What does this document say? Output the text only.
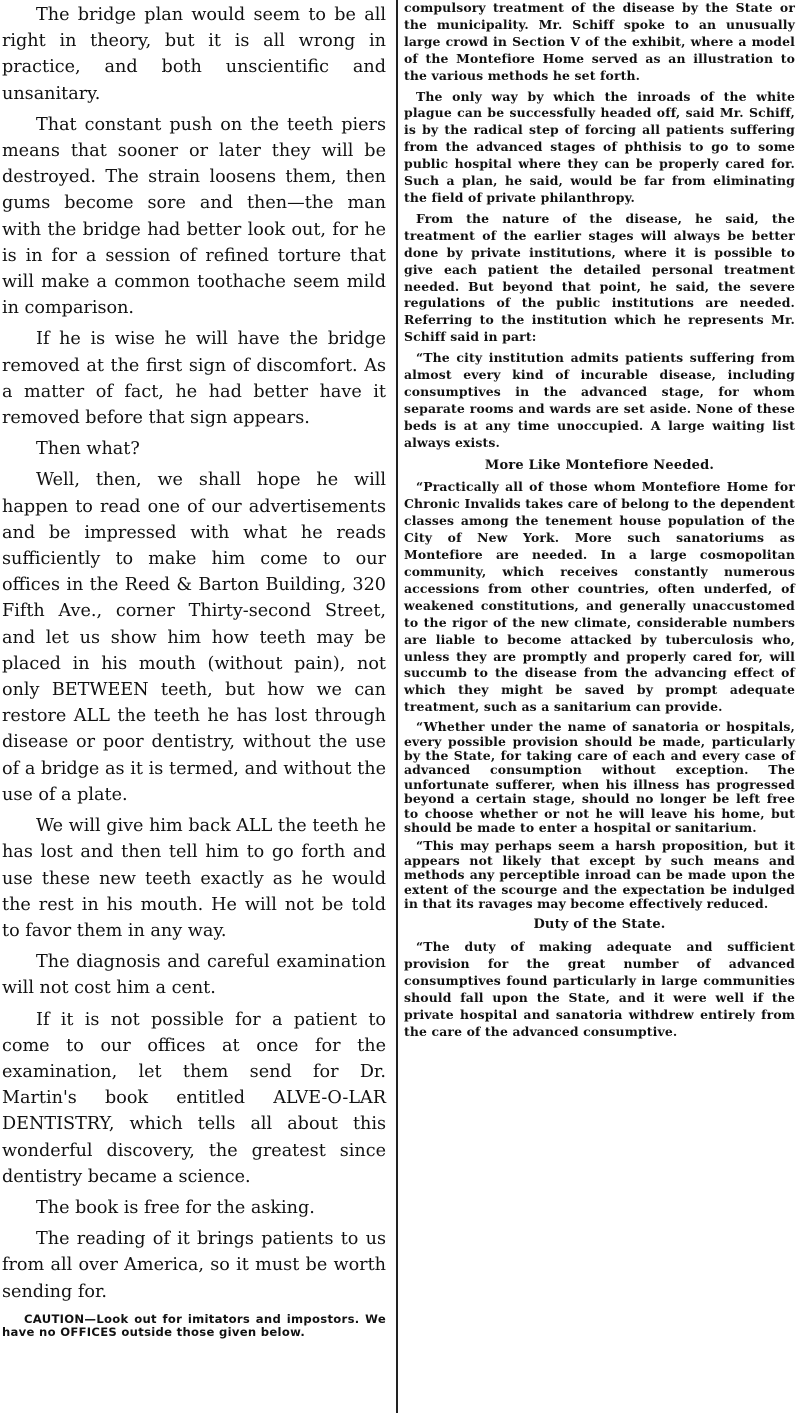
The bridge plan would seem to be all right in theory, but it is all wrong in practice, and both unscientific and unsanitary.

That constant push on the teeth piers means that sooner or later they will be destroyed. The strain loosens them, then gums become sore and then—the man with the bridge had better look out, for he is in for a session of refined torture that will make a common toothache seem mild in comparison.

If he is wise he will have the bridge removed at the first sign of discomfort. As a matter of fact, he had better have it removed before that sign appears.

Then what?

Well, then, we shall hope he will happen to read one of our advertisements and be impressed with what he reads sufficiently to make him come to our offices in the Reed & Barton Building, 320 Fifth Ave., corner Thirty-second Street, and let us show him how teeth may be placed in his mouth (without pain), not only BETWEEN teeth, but how we can restore ALL the teeth he has lost through disease or poor dentistry, without the use of a bridge as it is termed, and without the use of a plate.

We will give him back ALL the teeth he has lost and then tell him to go forth and use these new teeth exactly as he would the rest in his mouth. He will not be told to favor them in any way.

The diagnosis and careful examination will not cost him a cent.

If it is not possible for a patient to come to our offices at once for the examination, let them send for Dr. Martin's book entitled ALVE-O-LAR DENTISTRY, which tells all about this wonderful discovery, the greatest since dentistry became a science.

The book is free for the asking.

The reading of it brings patients to us from all over America, so it must be worth sending for.

CAUTION—Look out for imitators and impostors. We have no OFFICES outside those given below.

compulsory treatment of the disease by the State or the municipality. Mr. Schiff spoke to an unusually large crowd in Section V of the exhibit, where a model of the Montefiore Home served as an illustration to the various methods he set forth.

The only way by which the inroads of the white plague can be successfully headed off, said Mr. Schiff, is by the radical step of forcing all patients suffering from the advanced stages of phthisis to go to some public hospital where they can be properly cared for. Such a plan, he said, would be far from eliminating the field of private philanthropy.

From the nature of the disease, he said, the treatment of the earlier stages will always be better done by private institutions, where it is possible to give each patient the detailed personal treatment needed. But beyond that point, he said, the severe regulations of the public institutions are needed. Referring to the institution which he represents Mr. Schiff said in part:

“The city institution admits patients suffering from almost every kind of incurable disease, including consumptives in the advanced stage, for whom separate rooms and wards are set aside. None of these beds is at any time unoccupied. A large waiting list always exists.

More Like Montefiore Needed.

“Practically all of those whom Montefiore Home for Chronic Invalids takes care of belong to the dependent classes among the tenement house population of the City of New York. More such sanatoriums as Montefiore are needed. In a large cosmopolitan community, which receives constantly numerous accessions from other countries, often underfed, of weakened constitutions, and generally unaccustomed to the rigor of the new climate, considerable numbers are liable to become attacked by tuberculosis who, unless they are promptly and properly cared for, will succumb to the disease from the advancing effect of which they might be saved by prompt adequate treatment, such as a sanitarium can provide.

“Whether under the name of sanatoria or hospitals, every possible provision should be made, particularly by the State, for taking care of each and every case of advanced consumption without exception. The unfortunate sufferer, when his illness has progressed beyond a certain stage, should no longer be left free to choose whether or not he will leave his home, but should be made to enter a hospital or sanitarium.

“This may perhaps seem a harsh proposition, but it appears not likely that except by such means and methods any perceptible inroad can be made upon the extent of the scourge and the expectation be indulged in that its ravages may become effectively reduced.

Duty of the State.

“The duty of making adequate and sufficient provision for the great number of advanced consumptives found particularly in large communities should fall upon the State, and it were well if the private hospital and sanatoria withdrew entirely from the care of the advanced consumptive.
